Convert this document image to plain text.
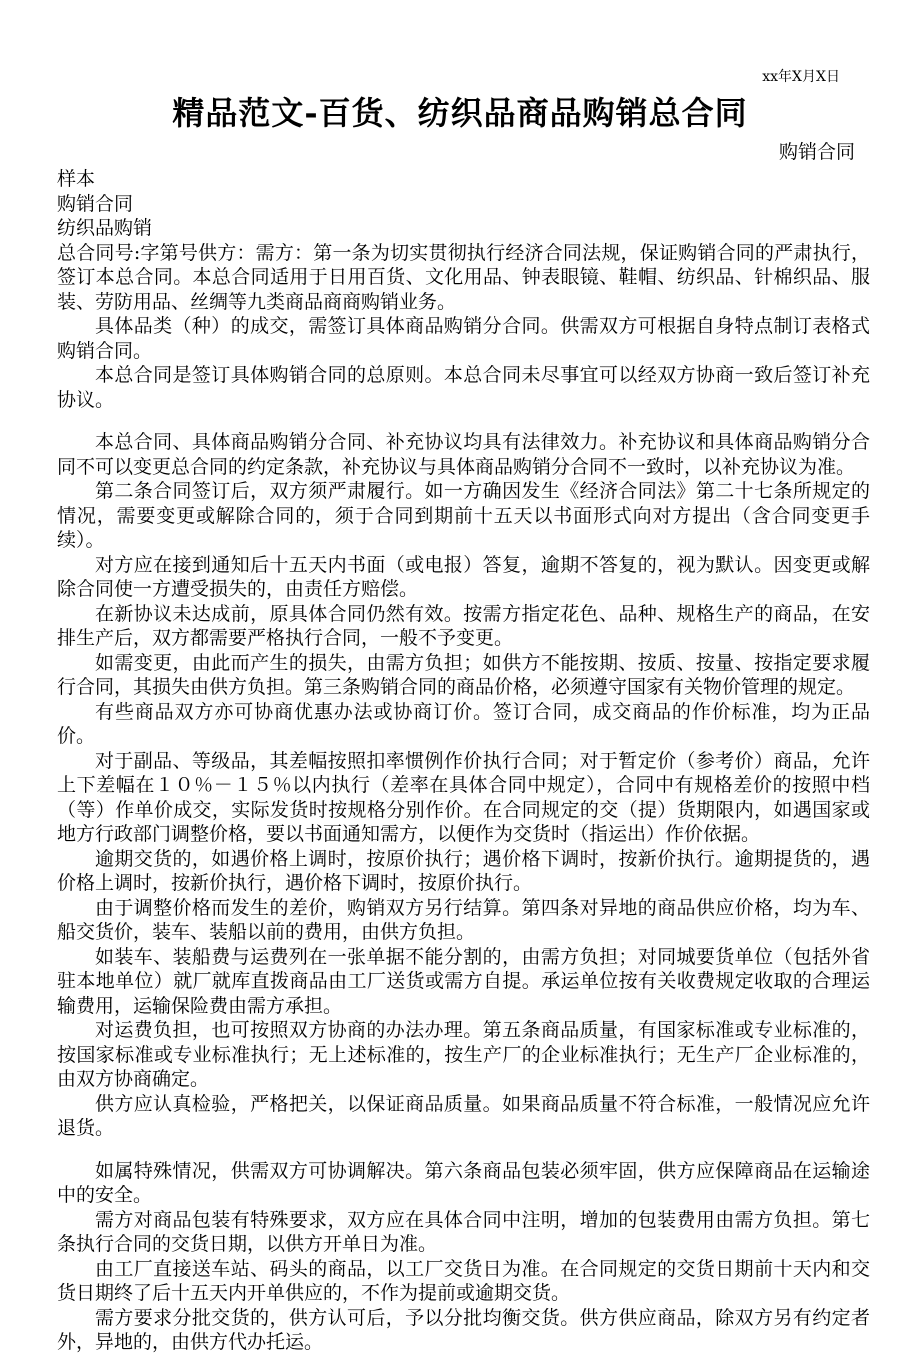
xx年X月X日
精品范文-百货、纺织品商品购销总合同
购销合同

样本

购销合同

纺织品购销

总合同号:字第号供方：需方：第一条为切实贯彻执行经济合同法规，保证购销合同的严肃执行，签订本总合同。本总合同适用于日用百货、文化用品、钟表眼镜、鞋帽、纺织品、针棉织品、服装、劳防用品、丝绸等九类商品商商购销业务。

具体品类（种）的成交，需签订具体商品购销分合同。供需双方可根据自身特点制订表格式购销合同。

本总合同是签订具体购销合同的总原则。本总合同未尽事宜可以经双方协商一致后签订补充协议。

本总合同、具体商品购销分合同、补充协议均具有法律效力。补充协议和具体商品购销分合同不可以变更总合同的约定条款，补充协议与具体商品购销分合同不一致时，以补充协议为准。

第二条合同签订后，双方须严肃履行。如一方确因发生《经济合同法》第二十七条所规定的情况，需要变更或解除合同的，须于合同到期前十五天以书面形式向对方提出（含合同变更手续）。

对方应在接到通知后十五天内书面（或电报）答复，逾期不答复的，视为默认。因变更或解除合同使一方遭受损失的，由责任方赔偿。

在新协议未达成前，原具体合同仍然有效。按需方指定花色、品种、规格生产的商品，在安排生产后，双方都需要严格执行合同，一般不予变更。

如需变更，由此而产生的损失，由需方负担；如供方不能按期、按质、按量、按指定要求履行合同，其损失由供方负担。第三条购销合同的商品价格，必须遵守国家有关物价管理的规定。

有些商品双方亦可协商优惠办法或协商订价。签订合同，成交商品的作价标准，均为正品价。

对于副品、等级品，其差幅按照扣率惯例作价执行合同；对于暂定价（参考价）商品，允许上下差幅在１０％－１５％以内执行（差率在具体合同中规定），合同中有规格差价的按照中档（等）作单价成交，实际发货时按规格分别作价。在合同规定的交（提）货期限内，如遇国家或地方行政部门调整价格，要以书面通知需方，以便作为交货时（指运出）作价依据。

逾期交货的，如遇价格上调时，按原价执行；遇价格下调时，按新价执行。逾期提货的，遇价格上调时，按新价执行，遇价格下调时，按原价执行。

由于调整价格而发生的差价，购销双方另行结算。第四条对异地的商品供应价格，均为车、船交货价，装车、装船以前的费用，由供方负担。

如装车、装船费与运费列在一张单据不能分割的，由需方负担；对同城要货单位（包括外省驻本地单位）就厂就库直拨商品由工厂送货或需方自提。承运单位按有关收费规定收取的合理运输费用，运输保险费由需方承担。

对运费负担，也可按照双方协商的办法办理。第五条商品质量，有国家标准或专业标准的，按国家标准或专业标准执行；无上述标准的，按生产厂的企业标准执行；无生产厂企业标准的，由双方协商确定。

供方应认真检验，严格把关，以保证商品质量。如果商品质量不符合标准，一般情况应允许退货。

如属特殊情况，供需双方可协调解决。第六条商品包装必须牢固，供方应保障商品在运输途中的安全。

需方对商品包装有特殊要求，双方应在具体合同中注明，增加的包装费用由需方负担。第七条执行合同的交货日期，以供方开单日为准。

由工厂直接送车站、码头的商品，以工厂交货日为准。在合同规定的交货日期前十天内和交货日期终了后十五天内开单供应的，不作为提前或逾期交货。

需方要求分批交货的，供方认可后，予以分批均衡交货。供方供应商品，除双方另有约定者外，异地的，由供方代办托运。
